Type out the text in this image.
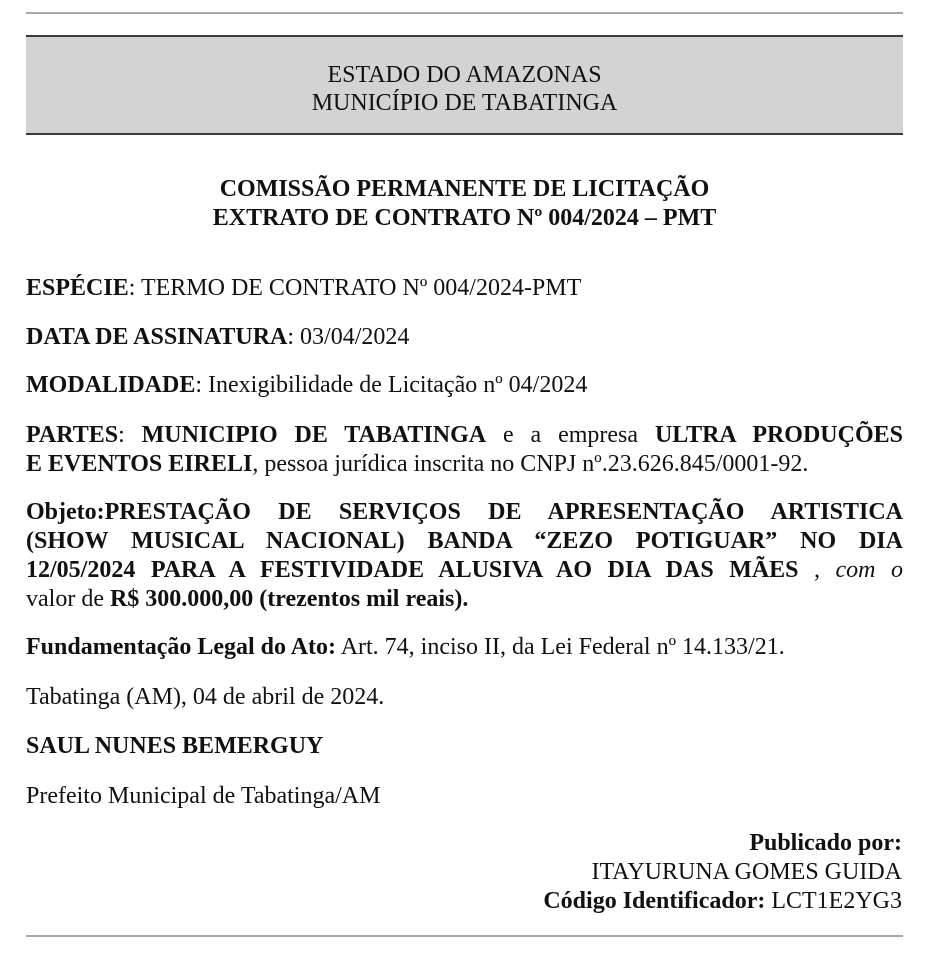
ESTADO DO AMAZONAS
MUNICÍPIO DE TABATINGA
COMISSÃO PERMANENTE DE LICITAÇÃO
EXTRATO DE CONTRATO Nº 004/2024 – PMT
ESPÉCIE: TERMO DE CONTRATO Nº 004/2024-PMT
DATA DE ASSINATURA: 03/04/2024
MODALIDADE: Inexigibilidade de Licitação nº 04/2024
PARTES: MUNICIPIO DE TABATINGA e a empresa ULTRA PRODUÇÕES
E EVENTOS EIRELI, pessoa jurídica inscrita no CNPJ nº.23.626.845/0001-92.
Objeto:PRESTAÇÃO DE SERVIÇOS DE APRESENTAÇÃO ARTISTICA
(SHOW MUSICAL NACIONAL) BANDA “ZEZO POTIGUAR” NO DIA
12/05/2024 PARA A FESTIVIDADE ALUSIVA AO DIA DAS MÃES , com o
valor de R$ 300.000,00 (trezentos mil reais).
Fundamentação Legal do Ato: Art. 74, inciso II, da Lei Federal nº 14.133/21.
Tabatinga (AM), 04 de abril de 2024.
SAUL NUNES BEMERGUY
Prefeito Municipal de Tabatinga/AM
Publicado por:
ITAYURUNA GOMES GUIDA
Código Identificador: LCT1E2YG3
